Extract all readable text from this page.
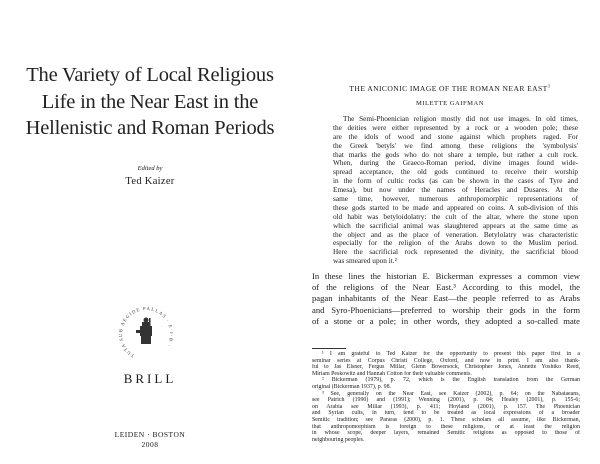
The Variety of Local Religious
Life in the Near East in the
Hellenistic and Roman Periods
Edited by
Ted Kaizer
TUTA SUB AEGIDE PALLAS · E·J·B ·
BRILL
LEIDEN · BOSTON
2008
THE ANICONIC IMAGE OF THE ROMAN NEAR EAST$^1$
MILETTE GAIFMAN
The Semi-Phoenician religion mostly did not use images. In old times,
the deities were either represented by a rock or a wooden pole; these
are the idols of wood and stone against which prophets raged. For
the Greek 'betyls' we find among these religions the 'symbolysis'
that marks the gods who do not share a temple, but rather a cult rock.
When, during the Graeco-Roman period, divine images found wide-
spread acceptance, the old gods continued to receive their worship
in the form of cultic rocks (as can be shown in the cases of Tyre and
Emesa), but now under the names of Heracles and Dusares. At the
same time, however, numerous anthropomorphic representations of
these gods started to be made and appeared on coins. A sub-division of this
old habit was betyloidolatry: the cult of the altar, where the stone upon
which the sacrificial animal was slaughtered appears at the same time as
the object and as the place of veneration. Betylolatry was characteristic
especially for the religion of the Arabs down to the Muslim period.
Here the sacrificial rock represented the divinity, the sacrificial blood
was smeared upon it.²
In these lines the historian E. Bickerman expresses a common view
of the religions of the Near East.³ According to this model, the
pagan inhabitants of the Near East—the people referred to as Arabs
and Syro-Phoenicians—preferred to worship their gods in the form
of a stone or a pole; in other words, they adopted a so-called mate
¹ I am grateful to Ted Kaizer for the opportunity to present this paper first in a
seminar series at Corpus Christi College, Oxford, and now in print. I am also thank-
ful to Jaś Elsner, Fergus Millar, Glenn Bowersock, Christopher Jones, Annette Yoshiko Reed,
Miriam Peskowitz and Hannah Cotton for their valuable comments.
² Bickerman (1979), p. 72, which is the English translation from the German
original (Bickerman 1937), p. 98.
³ See, generally on the Near East, see Kaizer (2002), p. 64; on the Nabataeans,
see Patrich (1990) and (1991); Wenning (2001), p. 84; Healey (2001), p. 155-6;
on Arabia see Millar (1993), p. 411; Hoyland (2001), p. 157. The Phoenician
and Syrian cults, in turn, tend to be treated as local expressions of a broader
Semitic tradition; see Pararas (2000), p. 1. These scholars all assume, like Bickerman,
that anthropomorphism is foreign to these religions, or at least the religion
in whose scope, deeper layers, remained Semitic religions as opposed to those of
neighbouring peoples.
